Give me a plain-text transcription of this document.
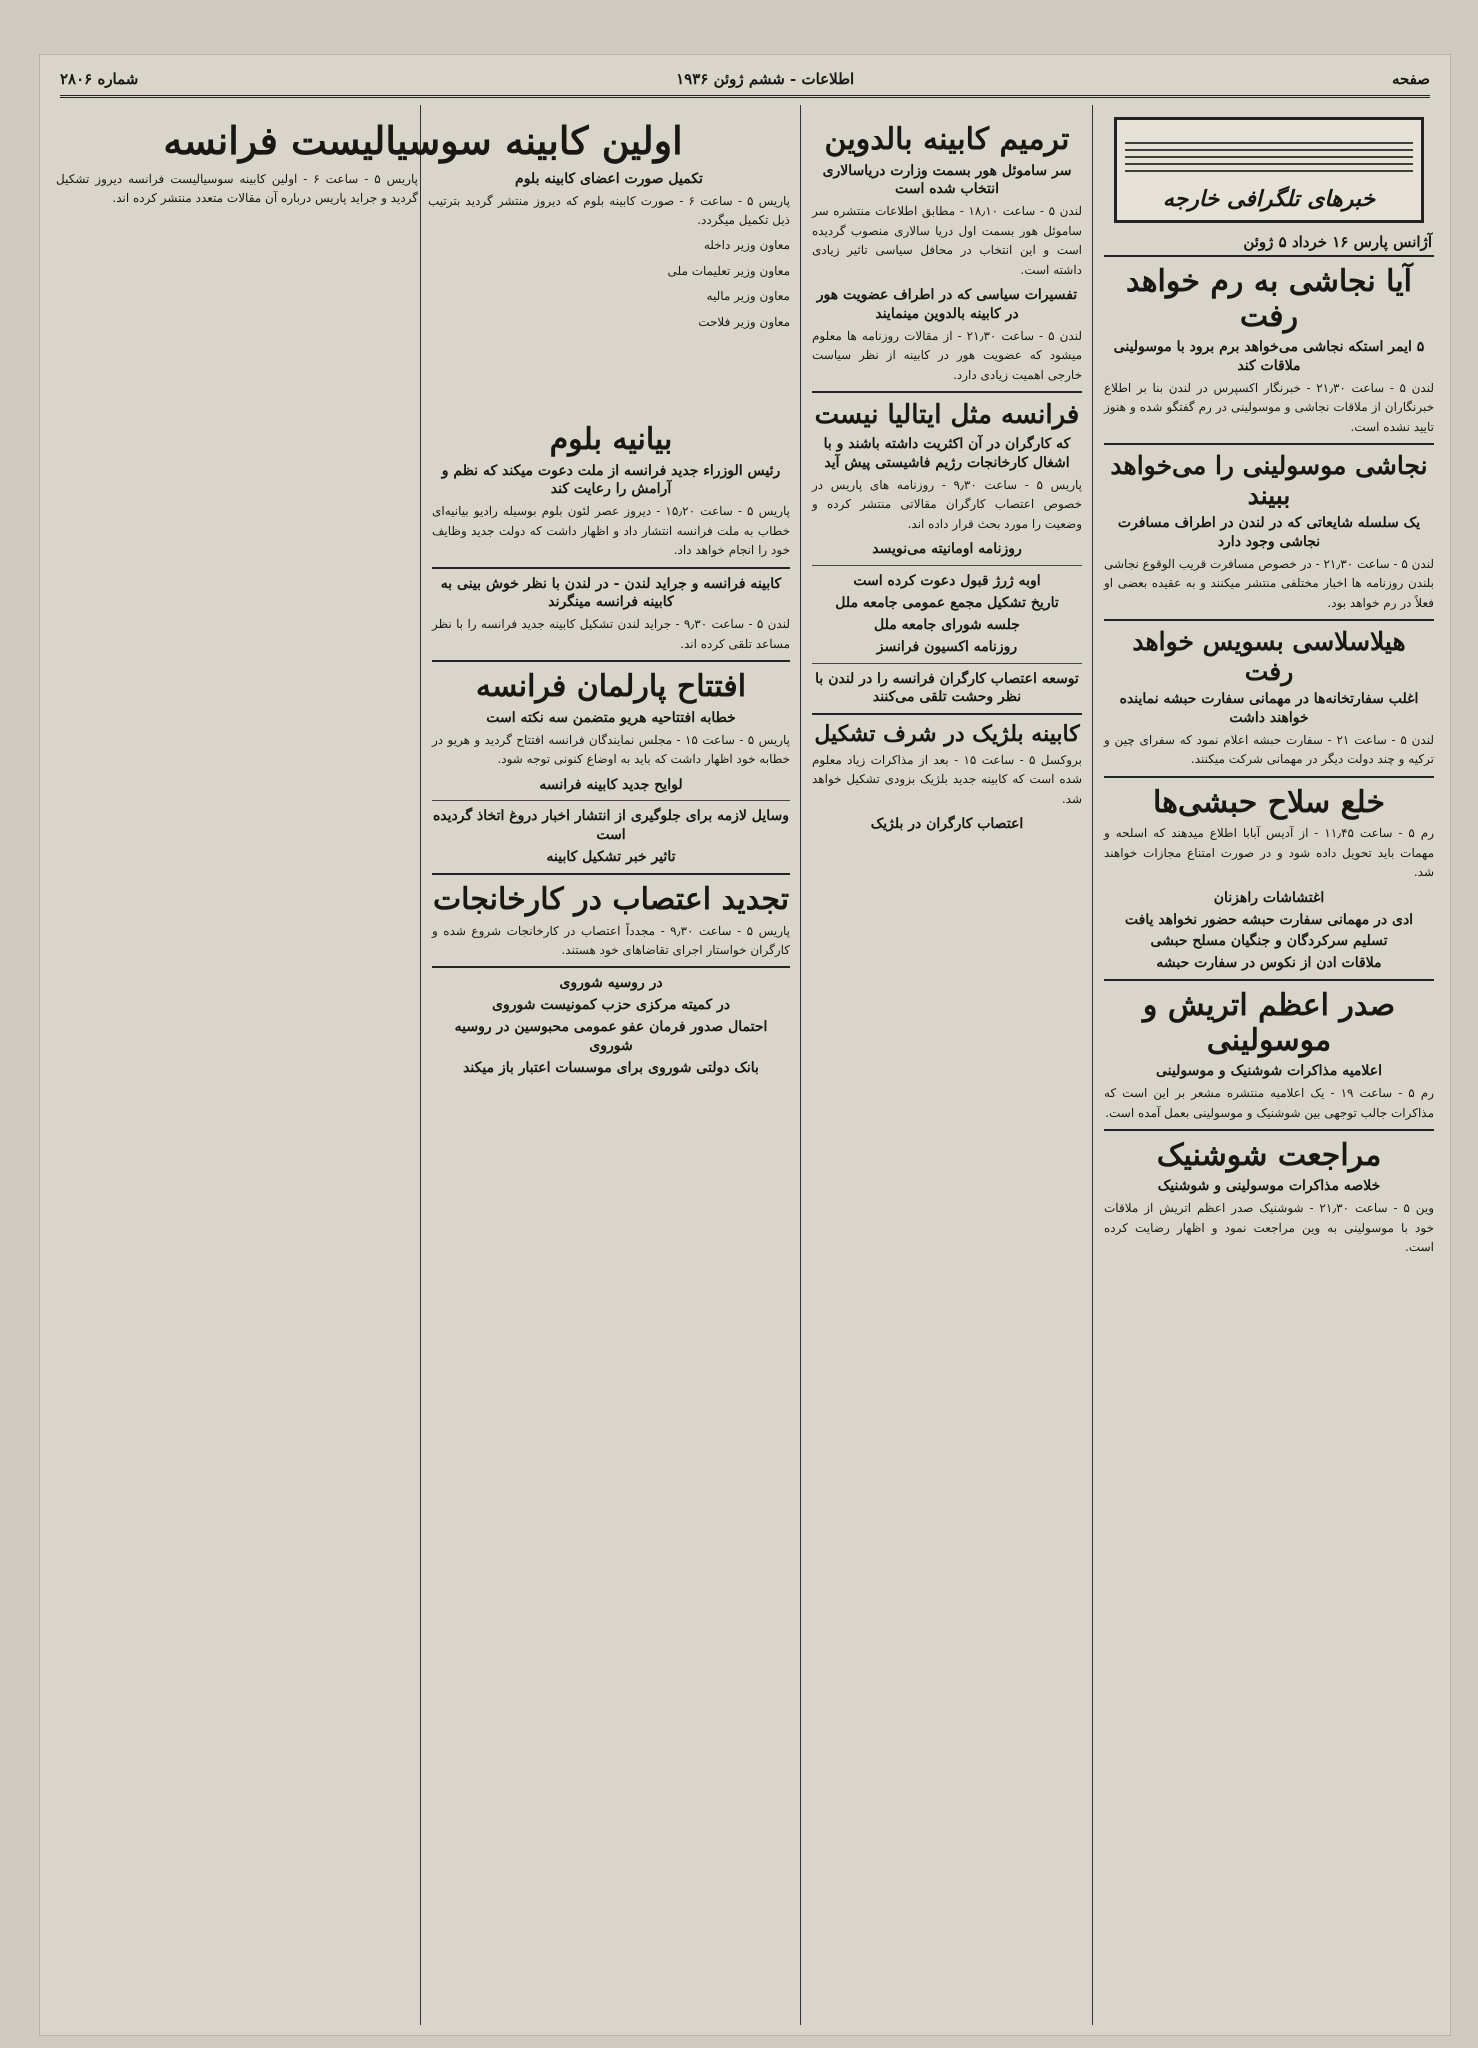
صفحه
اطلاعات - ششم ژوئن ۱۹۳۶
شماره ۲۸۰۶
خبرهای تلگرافی خارجه
آژانس پارس ۱۶ خرداد ۵ ژوئن
آیا نجاشی به رم خواهد رفت
۵ ایمر استکه نجاشی می‌خواهد برم برود با موسولینی ملاقات کند
لندن ۵ - ساعت ۲۱٫۳۰ - خبرنگار اکسپرس در لندن بنا بر اطلاع خبرنگاران از ملاقات نجاشی و موسولینی در رم گفتگو شده و هنوز تایید نشده است.
نجاشی موسولینی را می‌خواهد ببیند
یک سلسله شایعاتی که در لندن در اطراف مسافرت نجاشی وجود دارد
لندن ۵ - ساعت ۲۱٫۳۰ - در خصوص مسافرت قریب الوقوع نجاشی بلندن روزنامه ها اخبار مختلفی منتشر میکنند و به عقیده بعضی او فعلاً در رم خواهد بود.
هیلاسلاسی بسویس خواهد رفت
اغلب سفارتخانه‌ها در مهمانی سفارت حبشه نماینده خواهند داشت
لندن ۵ - ساعت ۲۱ - سفارت حبشه اعلام نمود که سفرای چین و ترکیه و چند دولت دیگر در مهمانی شرکت میکنند.
خلع سلاح حبشی‌ها
رم ۵ - ساعت ۱۱٫۴۵ - از آدیس آبابا اطلاع میدهند که اسلحه و مهمات باید تحویل داده شود و در صورت امتناع مجازات خواهند شد.
اغتشاشات راهزنان
ادی در مهمانی سفارت حبشه حضور نخواهد یافت
تسلیم سرکردگان و جنگیان مسلح حبشی
ملاقات ادن از نکوس در سفارت حبشه
صدر اعظم اتریش و موسولینی
اعلامیه مذاکرات شوشنیک و موسولینی
رم ۵ - ساعت ۱۹ - یک اعلامیه منتشره مشعر بر این است که مذاکرات جالب توجهی بین شوشنیک و موسولینی بعمل آمده است.
مراجعت شوشنیک
خلاصه مذاکرات موسولینی و شوشنیک
وین ۵ - ساعت ۲۱٫۳۰ - شوشنیک صدر اعظم اتریش از ملاقات خود با موسولینی به وین مراجعت نمود و اظهار رضایت کرده است.
ترمیم کابینه بالدوین
سر ساموئل هور بسمت وزارت دریاسالاری انتخاب شده است
لندن ۵ - ساعت ۱۸٫۱۰ - مطابق اطلاعات منتشره سر ساموئل هور بسمت اول دریا سالاری منصوب گردیده است و این انتخاب در محافل سیاسی تاثیر زیادی داشته است.
تفسیرات سیاسی که در اطراف عضویت هور در کابینه بالدوین مینمایند
لندن ۵ - ساعت ۲۱٫۳۰ - از مقالات روزنامه ها معلوم میشود که عضویت هور در کابینه از نظر سیاست خارجی اهمیت زیادی دارد.
فرانسه مثل ایتالیا نیست
که کارگران در آن اکثریت داشته باشند و با اشغال کارخانجات رژیم فاشیستی پیش آید
پاریس ۵ - ساعت ۹٫۳۰ - روزنامه های پاریس در خصوص اعتصاب کارگران مقالاتی منتشر کرده و وضعیت را مورد بحث قرار داده اند.
روزنامه اومانیته می‌نویسد
اوبه ژرژ قبول دعوت کرده است
تاریخ تشکیل مجمع عمومی جامعه ملل
جلسه شورای جامعه ملل
روزنامه اکسیون فرانسز
توسعه اعتصاب کارگران فرانسه را در لندن با نظر وحشت تلقی می‌کنند
کابینه بلژیک در شرف تشکیل
بروکسل ۵ - ساعت ۱۵ - بعد از مذاکرات زیاد معلوم شده است که کابینه جدید بلژیک بزودی تشکیل خواهد شد.
اعتصاب کارگران در بلژیک
بیانیه بلوم
رئیس الوزراء جدید فرانسه از ملت دعوت میکند که نظم و آرامش را رعایت کند
پاریس ۵ - ساعت ۱۵٫۲۰ - دیروز عصر لئون بلوم بوسیله رادیو بیانیه‌ای خطاب به ملت فرانسه انتشار داد و اظهار داشت که دولت جدید وظایف خود را انجام خواهد داد.
کابینه فرانسه و جراید لندن - در لندن با نظر خوش بینی به کابینه فرانسه مینگرند
لندن ۵ - ساعت ۹٫۳۰ - جراید لندن تشکیل کابینه جدید فرانسه را با نظر مساعد تلقی کرده اند.
افتتاح پارلمان فرانسه
خطابه افتتاحیه هریو متضمن سه نکته است
پاریس ۵ - ساعت ۱۵ - مجلس نمایندگان فرانسه افتتاح گردید و هریو در خطابه خود اظهار داشت که باید به اوضاع کنونی توجه شود.
لوایح جدید کابینه فرانسه
وسایل لازمه برای جلوگیری از انتشار اخبار دروغ اتخاذ گردیده است
تاثیر خبر تشکیل کابینه
تجدید اعتصاب در کارخانجات
پاریس ۵ - ساعت ۹٫۳۰ - مجدداً اعتصاب در کارخانجات شروع شده و کارگران خواستار اجرای تقاضاهای خود هستند.
در روسیه شوروی
در کمیته مرکزی حزب کمونیست شوروی
احتمال صدور فرمان عفو عمومی محبوسین در روسیه شوروی
بانک دولتی شوروی برای موسسات اعتبار باز میکند
اولین کابینه سوسیالیست فرانسه
تکمیل صورت اعضای کابینه بلوم
پاریس ۵ - ساعت ۶ - صورت کابینه بلوم که دیروز منتشر گردید بترتیب ذیل تکمیل میگردد.
معاون وزیر داخله
معاون وزیر تعلیمات ملی
معاون وزیر مالیه
معاون وزیر فلاحت
پاریس ۵ - ساعت ۶ - اولین کابینه سوسیالیست فرانسه دیروز تشکیل گردید و جراید پاریس درباره آن مقالات متعدد منتشر کرده اند.
